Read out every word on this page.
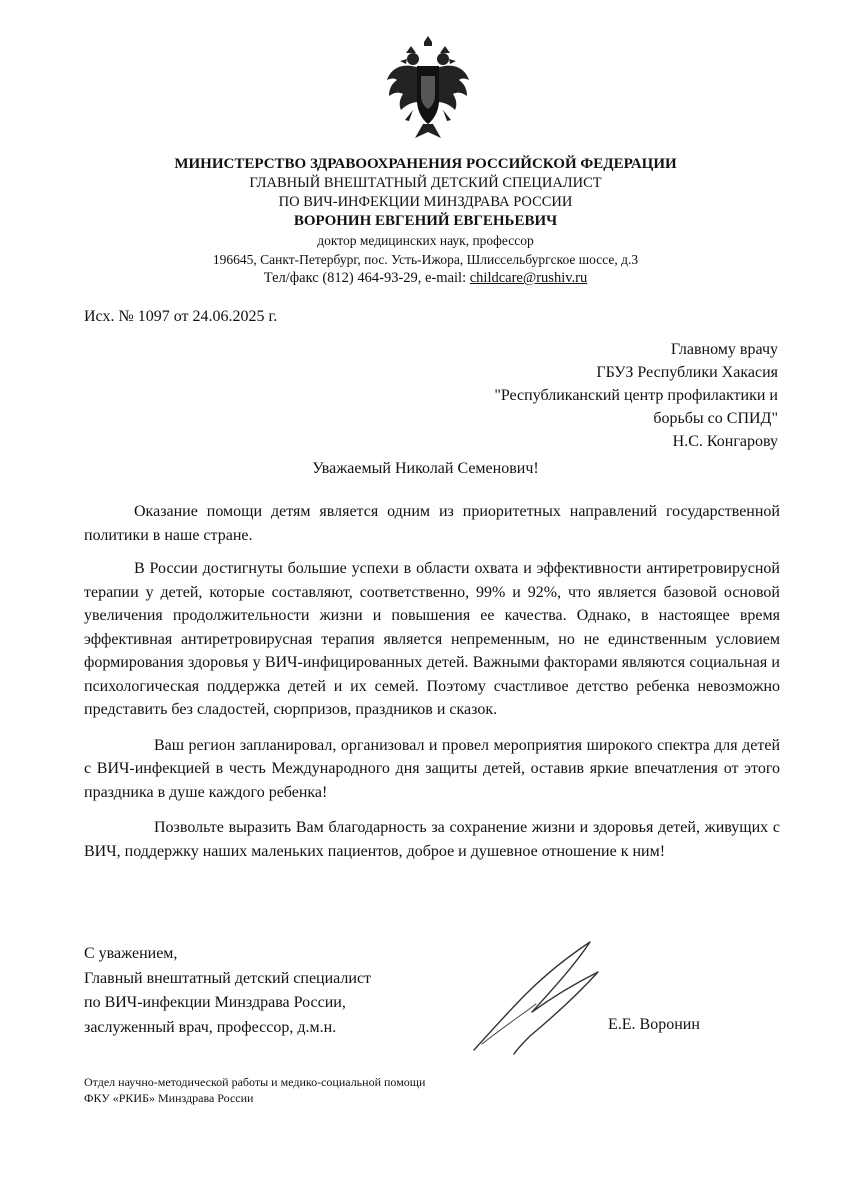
МИНИСТЕРСТВО ЗДРАВООХРАНЕНИЯ РОССИЙСКОЙ ФЕДЕРАЦИИ
ГЛАВНЫЙ ВНЕШТАТНЫЙ ДЕТСКИЙ СПЕЦИАЛИСТ
ПО ВИЧ-ИНФЕКЦИИ МИНЗДРАВА РОССИИ
ВОРОНИН ЕВГЕНИЙ ЕВГЕНЬЕВИЧ
доктор медицинских наук, профессор
196645, Санкт-Петербург, пос. Усть-Ижора, Шлиссельбургское шоссе, д.3
Тел/факс (812) 464-93-29, e-mail: childcare@rushiv.ru
Исх. № 1097 от 24.06.2025 г.
Главному врачу
ГБУЗ Республики Хакасия
"Республиканский центр профилактики и
борьбы со СПИД"
Н.С. Конгарову
Уважаемый Николай Семенович!

Оказание помощи детям является одним из приоритетных направлений государственной политики в наше стране.

В России достигнуты большие успехи в области охвата и эффективности антиретровирусной терапии у детей, которые составляют, соответственно, 99% и 92%, что является базовой основой увеличения продолжительности жизни и повышения ее качества. Однако, в настоящее время эффективная антиретровирусная терапия является непременным, но не единственным условием формирования здоровья у ВИЧ-инфицированных детей. Важными факторами являются социальная и психологическая поддержка детей и их семей. Поэтому счастливое детство ребенка невозможно представить без сладостей, сюрпризов, праздников и сказок.

Ваш регион запланировал, организовал и провел мероприятия широкого спектра для детей с ВИЧ-инфекцией в честь Международного дня защиты детей, оставив яркие впечатления от этого праздника в душе каждого ребенка!

Позвольте выразить Вам благодарность за сохранение жизни и здоровья детей, живущих с ВИЧ, поддержку наших маленьких пациентов, доброе и душевное отношение к ним!

С уважением,
Главный внештатный детский специалист
по ВИЧ-инфекции Минздрава России,
заслуженный врач, профессор, д.м.н.	Е.Е. Воронин
Отдел научно-методической работы и медико-социальной помощи
ФКУ «РКИБ» Минздрава России
